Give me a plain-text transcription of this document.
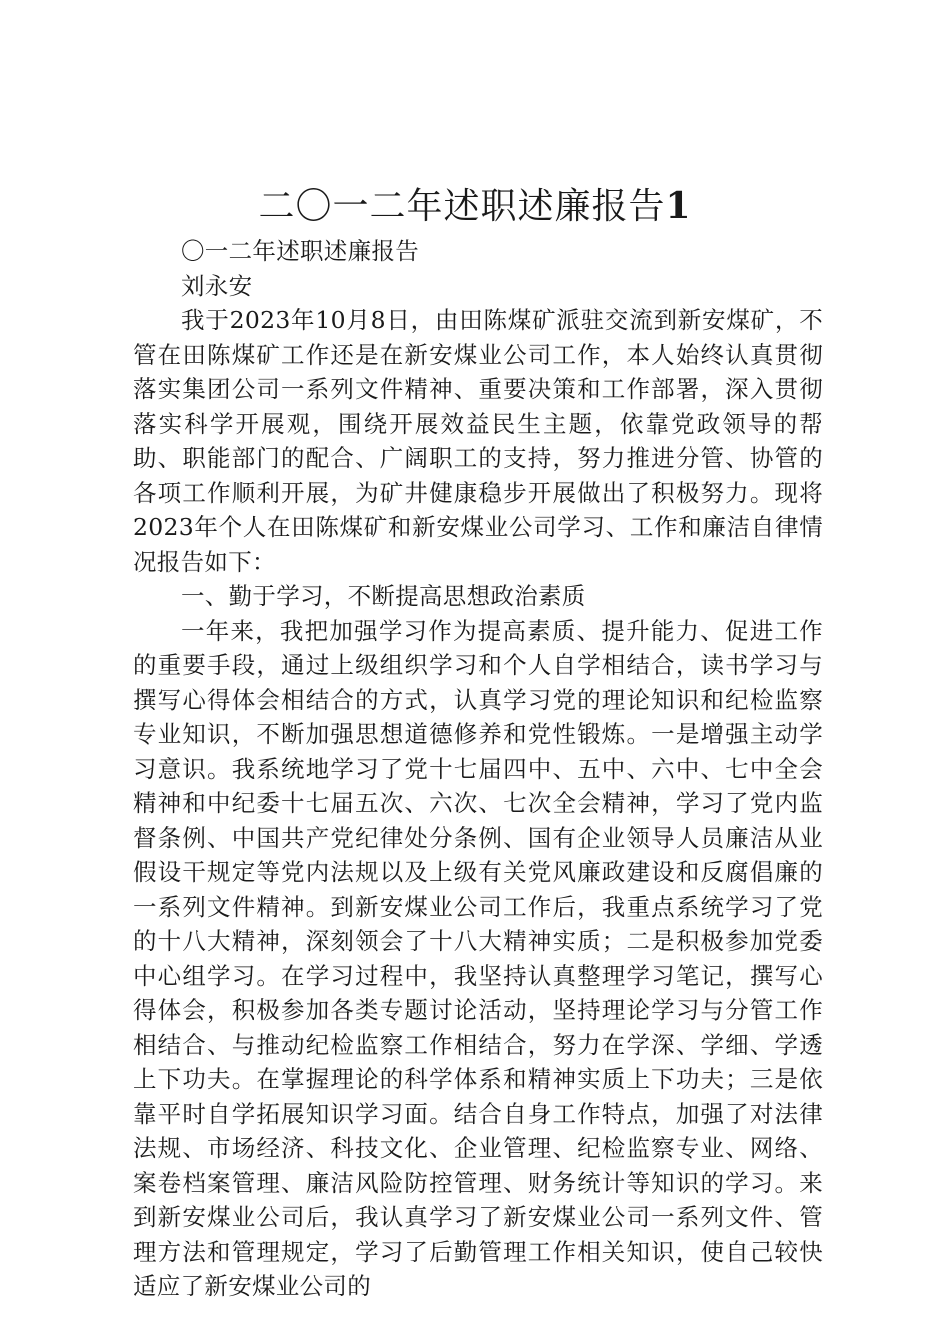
二〇一二年述职述廉报告1

〇一二年述职述廉报告

刘永安

我于2023年10月8日，由田陈煤矿派驻交流到新安煤矿，不管在田陈煤矿工作还是在新安煤业公司工作，本人始终认真贯彻落实集团公司一系列文件精神、重要决策和工作部署，深入贯彻落实科学开展观，围绕开展效益民生主题，依靠党政领导的帮助、职能部门的配合、广阔职工的支持，努力推进分管、协管的各项工作顺利开展，为矿井健康稳步开展做出了积极努力。现将2023年个人在田陈煤矿和新安煤业公司学习、工作和廉洁自律情况报告如下：

一、勤于学习，不断提高思想政治素质

一年来，我把加强学习作为提高素质、提升能力、促进工作的重要手段，通过上级组织学习和个人自学相结合，读书学习与撰写心得体会相结合的方式，认真学习党的理论知识和纪检监察专业知识，不断加强思想道德修养和党性锻炼。一是增强主动学习意识。我系统地学习了党十七届四中、五中、六中、七中全会精神和中纪委十七届五次、六次、七次全会精神，学习了党内监督条例、中国共产党纪律处分条例、国有企业领导人员廉洁从业假设干规定等党内法规以及上级有关党风廉政建设和反腐倡廉的一系列文件精神。到新安煤业公司工作后，我重点系统学习了党的十八大精神，深刻领会了十八大精神实质；二是积极参加党委中心组学习。在学习过程中，我坚持认真整理学习笔记，撰写心得体会，积极参加各类专题讨论活动，坚持理论学习与分管工作相结合、与推动纪检监察工作相结合，努力在学深、学细、学透上下功夫。在掌握理论的科学体系和精神实质上下功夫；三是依靠平时自学拓展知识学习面。结合自身工作特点，加强了对法律法规、市场经济、科技文化、企业管理、纪检监察专业、网络、案卷档案管理、廉洁风险防控管理、财务统计等知识的学习。来到新安煤业公司后，我认真学习了新安煤业公司一系列文件、管理方法和管理规定，学习了后勤管理工作相关知识，使自己较快适应了新安煤业公司的
